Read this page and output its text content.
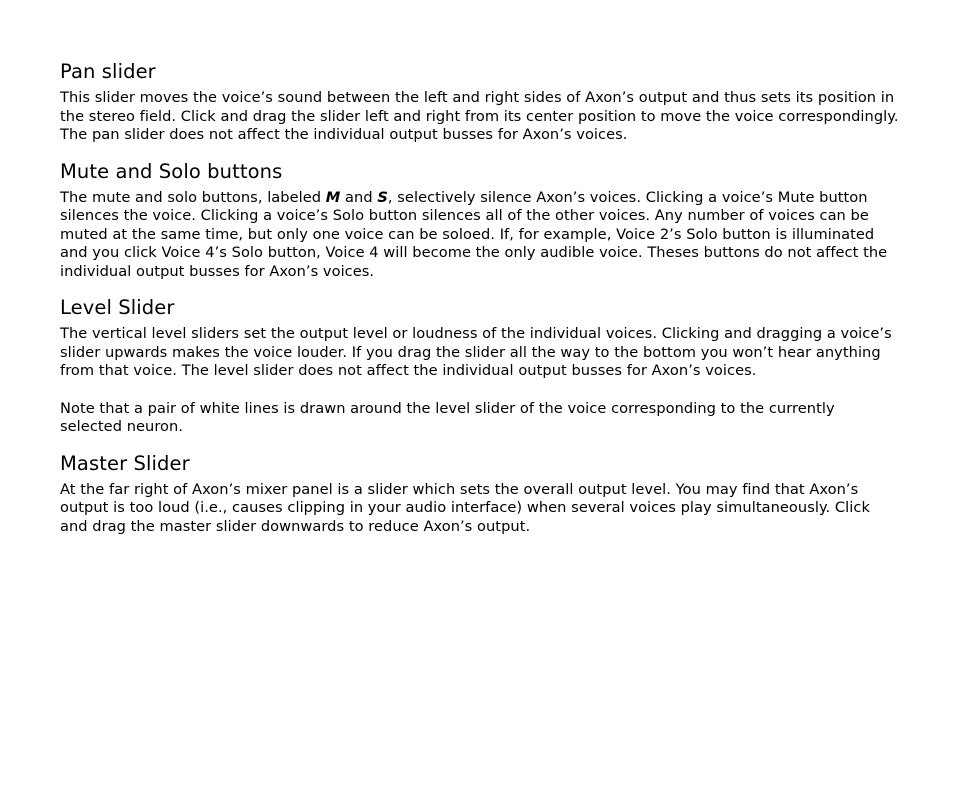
Pan slider

This slider moves the voice’s sound between the left and right sides of Axon’s output and thus sets its position in the stereo field. Click and drag the slider left and right from its center position to move the voice correspondingly. The pan slider does not affect the individual output busses for Axon’s voices.

Mute and Solo buttons

The mute and solo buttons, labeled M and S, selectively silence Axon’s voices. Clicking a voice’s Mute button silences the voice. Clicking a voice’s Solo button silences all of the other voices. Any number of voices can be muted at the same time, but only one voice can be soloed. If, for example, Voice 2’s Solo button is illuminated and you click Voice 4’s Solo button, Voice 4 will become the only audible voice. Theses buttons do not affect the individual output busses for Axon’s voices.

Level Slider

The vertical level sliders set the output level or loudness of the individual voices. Clicking and dragging a voice’s slider upwards makes the voice louder. If you drag the slider all the way to the bottom you won’t hear anything from that voice. The level slider does not affect the individual output busses for Axon’s voices.

Note that a pair of white lines is drawn around the level slider of the voice corresponding to the currently selected neuron.

Master Slider

At the far right of Axon’s mixer panel is a slider which sets the overall output level. You may find that Axon’s output is too loud (i.e., causes clipping in your audio interface) when several voices play simultaneously. Click and drag the master slider downwards to reduce Axon’s output.
